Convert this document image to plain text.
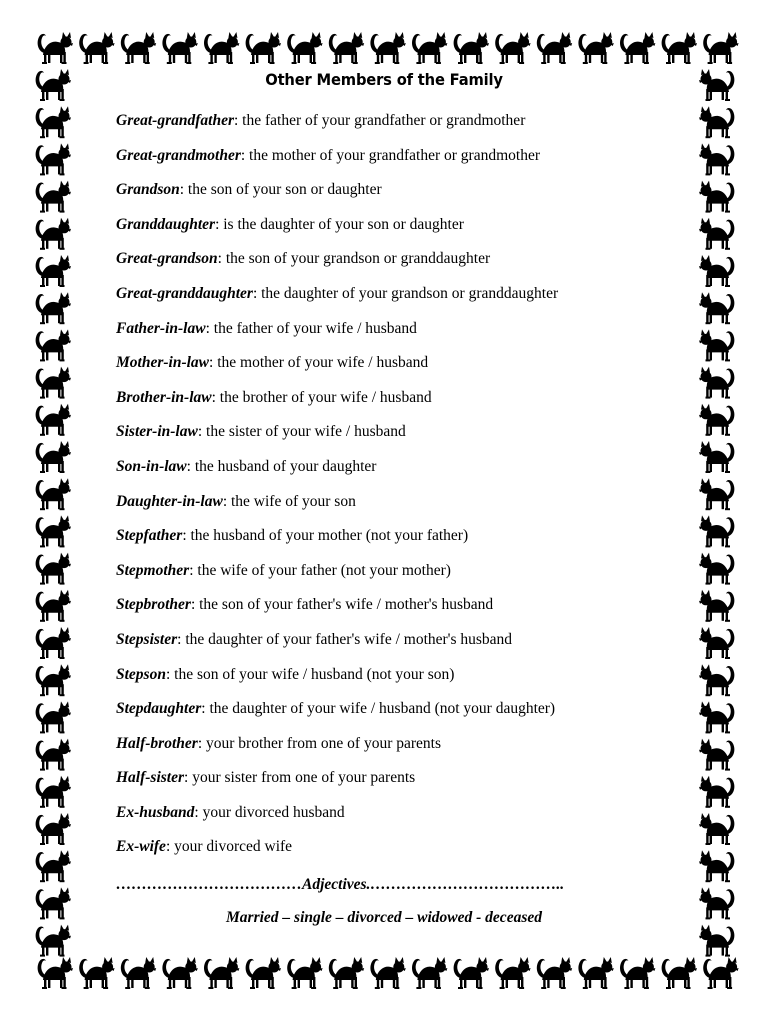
Other Members of the Family
Great-grandfather: the father of your grandfather or grandmother
Great-grandmother: the mother of your grandfather or grandmother
Grandson: the son of your son or daughter
Granddaughter: is the daughter of your son or daughter
Great-grandson: the son of your grandson or granddaughter
Great-granddaughter: the daughter of your grandson or granddaughter
Father-in-law: the father of your wife / husband
Mother-in-law: the mother of your wife / husband
Brother-in-law: the brother of your wife / husband
Sister-in-law: the sister of your wife / husband
Son-in-law: the husband of your daughter
Daughter-in-law: the wife of your son
Stepfather: the husband of your mother (not your father)
Stepmother: the wife of your father (not your mother)
Stepbrother: the son of your father's wife / mother's husband
Stepsister: the daughter of your father's wife / mother's husband
Stepson: the son of your wife / husband (not your son)
Stepdaughter: the daughter of your wife / husband (not your daughter)
Half-brother: your brother from one of your parents
Half-sister: your sister from one of your parents
Ex-husband: your divorced husband
Ex-wife: your divorced wife
………………………………Adjectives.………………………………..
Married – single – divorced – widowed - deceased
